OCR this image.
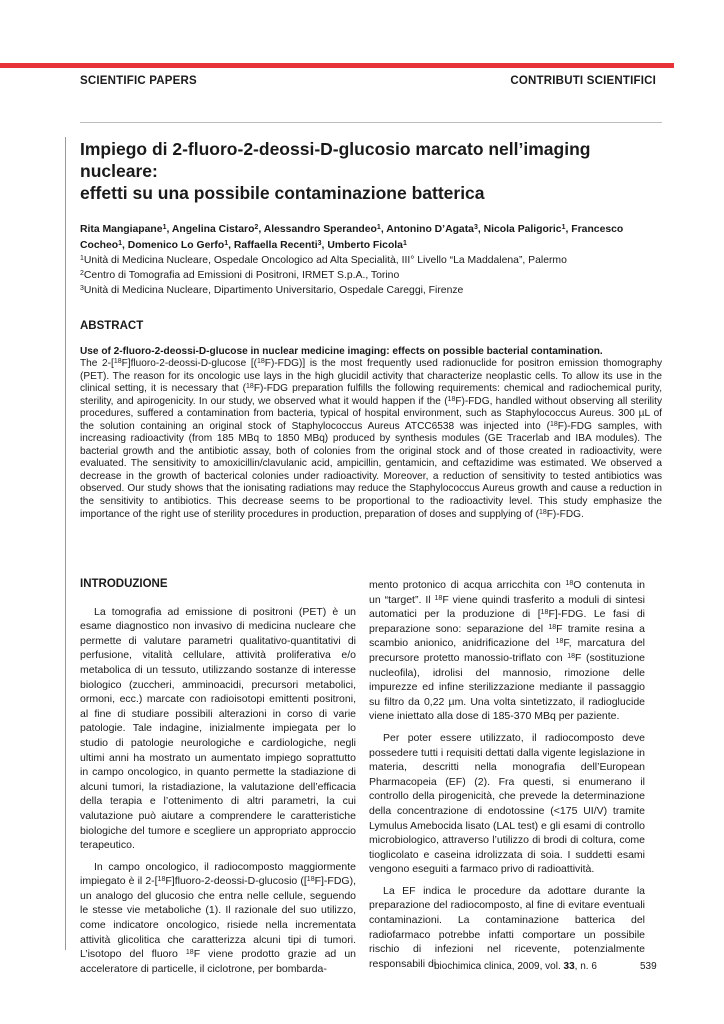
SCIENTIFIC PAPERS	CONTRIBUTI SCIENTIFICI
Impiego di 2-fluoro-2-deossi-D-glucosio marcato nell’imaging nucleare:
effetti su una possibile contaminazione batterica
Rita Mangiapane$^1$, Angelina Cistaro$^2$, Alessandro Sperandeo$^1$, Antonino D’Agata$^3$, Nicola Paligoric$^1$, Francesco Cocheo$^1$, Domenico Lo Gerfo$^1$, Raffaella Recenti$^3$, Umberto Ficola$^1$
$^1$Unità di Medicina Nucleare, Ospedale Oncologico ad Alta Specialità, III° Livello “La Maddalena”, Palermo
$^2$Centro di Tomografia ad Emissioni di Positroni, IRMET S.p.A., Torino
$^3$Unità di Medicina Nucleare, Dipartimento Universitario, Ospedale Careggi, Firenze
ABSTRACT
Use of 2-fluoro-2-deossi-D-glucose in nuclear medicine imaging: effects on possible bacterial contamination.
The 2-[$^{18}$F]fluoro-2-deossi-D-glucose [($^{18}$F)-FDG)] is the most frequently used radionuclide for positron emission thomography (PET). The reason for its oncologic use lays in the high glucidil activity that characterize neoplastic cells. To allow its use in the clinical setting, it is necessary that ($^{18}$F)-FDG preparation fulfills the following requirements: chemical and radiochemical purity, sterility, and apirogenicity. In our study, we observed what it would happen if the ($^{18}$F)-FDG, handled without observing all sterility procedures, suffered a contamination from bacteria, typical of hospital environment, such as Staphylococcus Aureus. 300 µL of the solution containing an original stock of Staphylococcus Aureus ATCC6538 was injected into ($^{18}$F)-FDG samples, with increasing radioactivity (from 185 MBq to 1850 MBq) produced by synthesis modules (GE Tracerlab and IBA modules). The bacterial growth and the antibiotic assay, both of colonies from the original stock and of those created in radioactivity, were evaluated. The sensitivity to amoxicillin/clavulanic acid, ampicillin, gentamicin, and ceftazidime was estimated. We observed a decrease in the growth of bacterical colonies under radioactivity. Moreover, a reduction of sensitivity to tested antibiotics was observed. Our study shows that the ionisating radiations may reduce the Staphylococcus Aureus growth and cause a reduction in the sensitivity to antibiotics. This decrease seems to be proportional to the radioactivity level. This study emphasize the importance of the right use of sterility procedures in production, preparation of doses and supplying of ($^{18}$F)-FDG.

INTRODUZIONE

La tomografia ad emissione di positroni (PET) è un esame diagnostico non invasivo di medicina nucleare che permette di valutare parametri qualitativo-quantitativi di perfusione, vitalità cellulare, attività proliferativa e/o metabolica di un tessuto, utilizzando sostanze di interesse biologico (zuccheri, amminoacidi, precursori metabolici, ormoni, ecc.) marcate con radioisotopi emittenti positroni, al fine di studiare possibili alterazioni in corso di varie patologie. Tale indagine, inizialmente impiegata per lo studio di patologie neurologiche e cardiologiche, negli ultimi anni ha mostrato un aumentato impiego soprattutto in campo oncologico, in quanto permette la stadiazione di alcuni tumori, la ristadiazione, la valutazione dell’efficacia della terapia e l’ottenimento di altri parametri, la cui valutazione può aiutare a comprendere le caratteristiche biologiche del tumore e scegliere un appropriato approccio terapeutico.

In campo oncologico, il radiocomposto maggiormente impiegato è il 2-[$^{18}$F]fluoro-2-deossi-D-glucosio ([$^{18}$F]-FDG), un analogo del glucosio che entra nelle cellule, seguendo le stesse vie metaboliche (1). Il razionale del suo utilizzo, come indicatore oncologico, risiede nella incrementata attività glicolitica che caratterizza alcuni tipi di tumori. L’isotopo del fluoro $^{18}$F viene prodotto grazie ad un acceleratore di particelle, il ciclotrone, per bombarda-

mento protonico di acqua arricchita con $^{18}$O contenuta in un “target”. Il $^{18}$F viene quindi trasferito a moduli di sintesi automatici per la produzione di [$^{18}$F]-FDG. Le fasi di preparazione sono: separazione del $^{18}$F tramite resina a scambio anionico, anidrificazione del $^{18}$F, marcatura del precursore protetto manossio-triflato con $^{18}$F (sostituzione nucleofila), idrolisi del mannosio, rimozione delle impurezze ed infine sterilizzazione mediante il passaggio su filtro da 0,22 µm. Una volta sintetizzato, il radioglucide viene iniettato alla dose di 185-370 MBq per paziente.

Per poter essere utilizzato, il radiocomposto deve possedere tutti i requisiti dettati dalla vigente legislazione in materia, descritti nella monografia dell’European Pharmacopeia (EF) (2). Fra questi, si enumerano il controllo della pirogenicità, che prevede la determinazione della concentrazione di endotossine (<175 UI/V) tramite Lymulus Amebocida lisato (LAL test) e gli esami di controllo microbiologico, attraverso l’utilizzo di brodi di coltura, come tioglicolato e caseina idrolizzata di soia. I suddetti esami vengono eseguiti a farmaco privo di radioattività.

La EF indica le procedure da adottare durante la preparazione del radiocomposto, al fine di evitare eventuali contaminazioni. La contaminazione batterica del radiofarmaco potrebbe infatti comportare un possibile rischio di infezioni nel ricevente, potenzialmente responsabili di

biochimica clinica, 2009, vol. 33, n. 6	539
